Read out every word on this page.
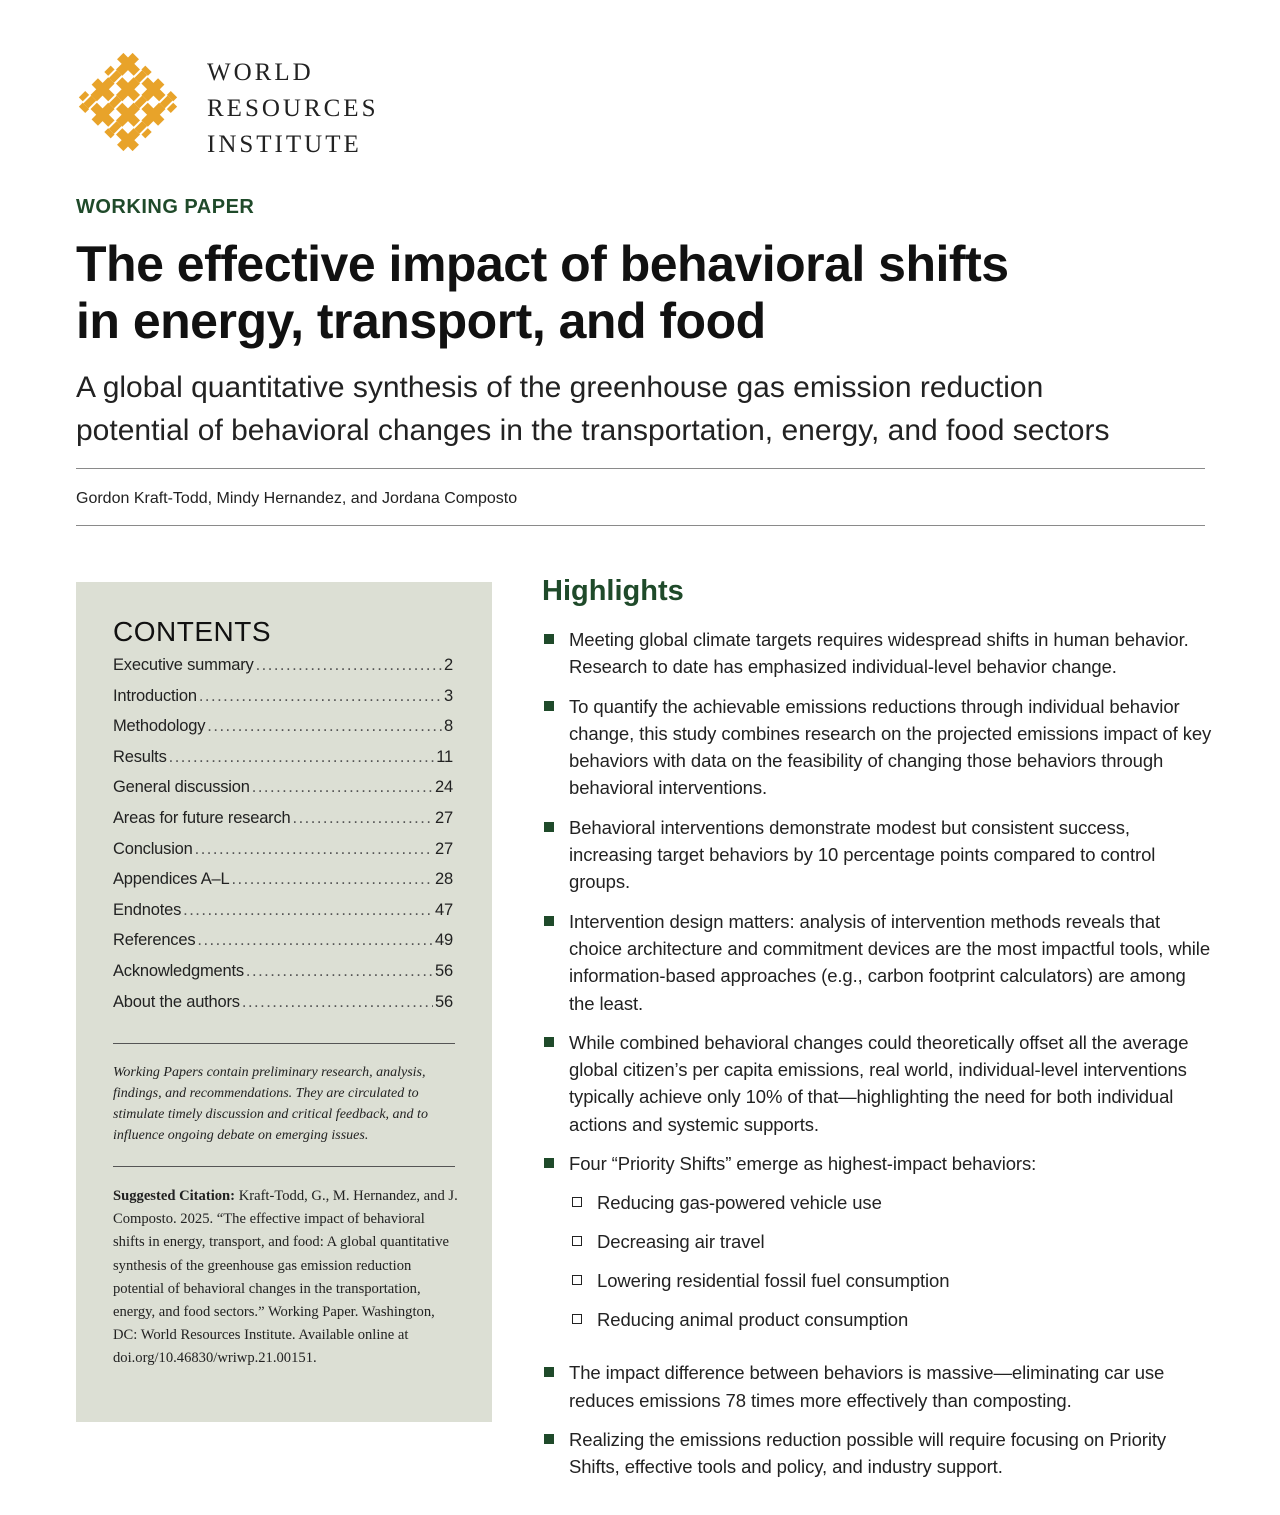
WORLD
RESOURCES
INSTITUTE
WORKING PAPER
The effective impact of behavioral shifts
in energy, transport, and food
A global quantitative synthesis of the greenhouse gas emission reduction
potential of behavioral changes in the transportation, energy, and food sectors
Gordon Kraft-Todd, Mindy Hernandez, and Jordana Composto
CONTENTS
Executive summary .....	2
Introduction .....	3
Methodology .....	8
Results .....	11
General discussion .....	24
Areas for future research .....	27
Conclusion .....	27
Appendices A–L .....	28
Endnotes .....	47
References .....	49
Acknowledgments .....	56
About the authors .....	56

Working Papers contain preliminary research, analysis, findings, and recommendations. They are circulated to stimulate timely discussion and critical feedback, and to influence ongoing debate on emerging issues.

Suggested Citation: Kraft-Todd, G., M. Hernandez, and J. Composto. 2025. “The effective impact of behavioral shifts in energy, transport, and food: A global quantitative synthesis of the greenhouse gas emission reduction potential of behavioral changes in the transportation, energy, and food sectors.” Working Paper. Washington, DC: World Resources Institute. Available online at doi.org/10.46830/wriwp.21.00151.

Highlights
Meeting global climate targets requires widespread shifts in human behavior. Research to date has emphasized individual-level behavior change.
To quantify the achievable emissions reductions through individual behavior change, this study combines research on the projected emissions impact of key behaviors with data on the feasibility of changing those behaviors through behavioral interventions.
Behavioral interventions demonstrate modest but consistent success, increasing target behaviors by 10 percentage points compared to control groups.
Intervention design matters: analysis of intervention methods reveals that choice architecture and commitment devices are the most impactful tools, while information-based approaches (e.g., carbon footprint calculators) are among the least.
While combined behavioral changes could theoretically offset all the average global citizen’s per capita emissions, real world, individual-level interventions typically achieve only 10% of that—highlighting the need for both individual actions and systemic supports.
Four “Priority Shifts” emerge as highest-impact behaviors:
Reducing gas-powered vehicle use
Decreasing air travel
Lowering residential fossil fuel consumption
Reducing animal product consumption
The impact difference between behaviors is massive—eliminating car use reduces emissions 78 times more effectively than composting.
Realizing the emissions reduction possible will require focusing on Priority Shifts, effective tools and policy, and industry support.
